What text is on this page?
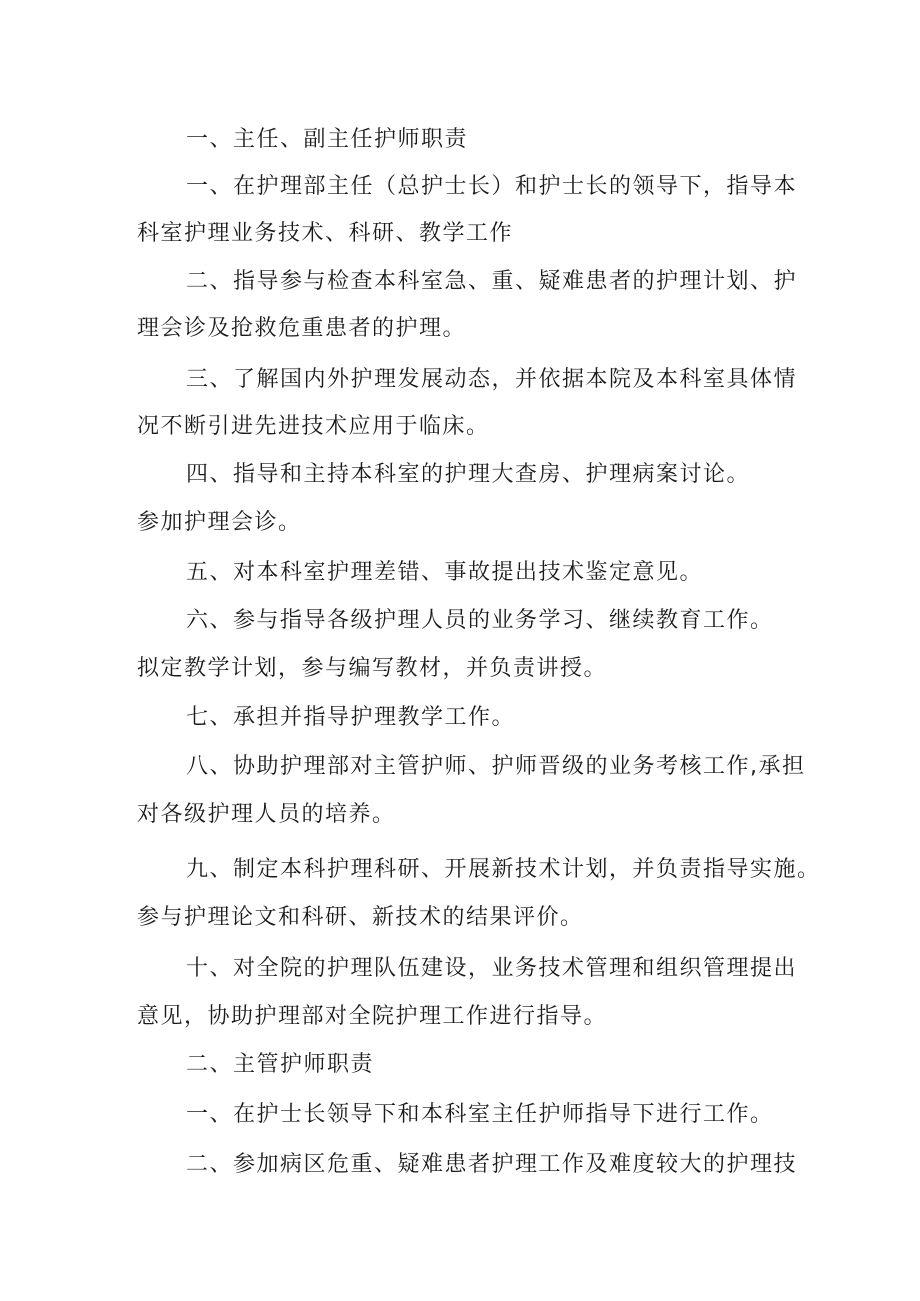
一、主任、副主任护师职责

一、在护理部主任（总护士长）和护士长的领导下，指导本

科室护理业务技术、科研、教学工作

二、指导参与检查本科室急、重、疑难患者的护理计划、护

理会诊及抢救危重患者的护理。

三、了解国内外护理发展动态，并依据本院及本科室具体情

况不断引进先进技术应用于临床。

四、指导和主持本科室的护理大查房、护理病案讨论。

参加护理会诊。

五、对本科室护理差错、事故提出技术鉴定意见。

六、参与指导各级护理人员的业务学习、继续教育工作。

拟定教学计划，参与编写教材，并负责讲授。

七、承担并指导护理教学工作。

八、协助护理部对主管护师、护师晋级的业务考核工作,承担

对各级护理人员的培养。

九、制定本科护理科研、开展新技术计划，并负责指导实施。

参与护理论文和科研、新技术的结果评价。

十、对全院的护理队伍建设，业务技术管理和组织管理提出

意见，协助护理部对全院护理工作进行指导。

二、主管护师职责

一、在护士长领导下和本科室主任护师指导下进行工作。

二、参加病区危重、疑难患者护理工作及难度较大的护理技
